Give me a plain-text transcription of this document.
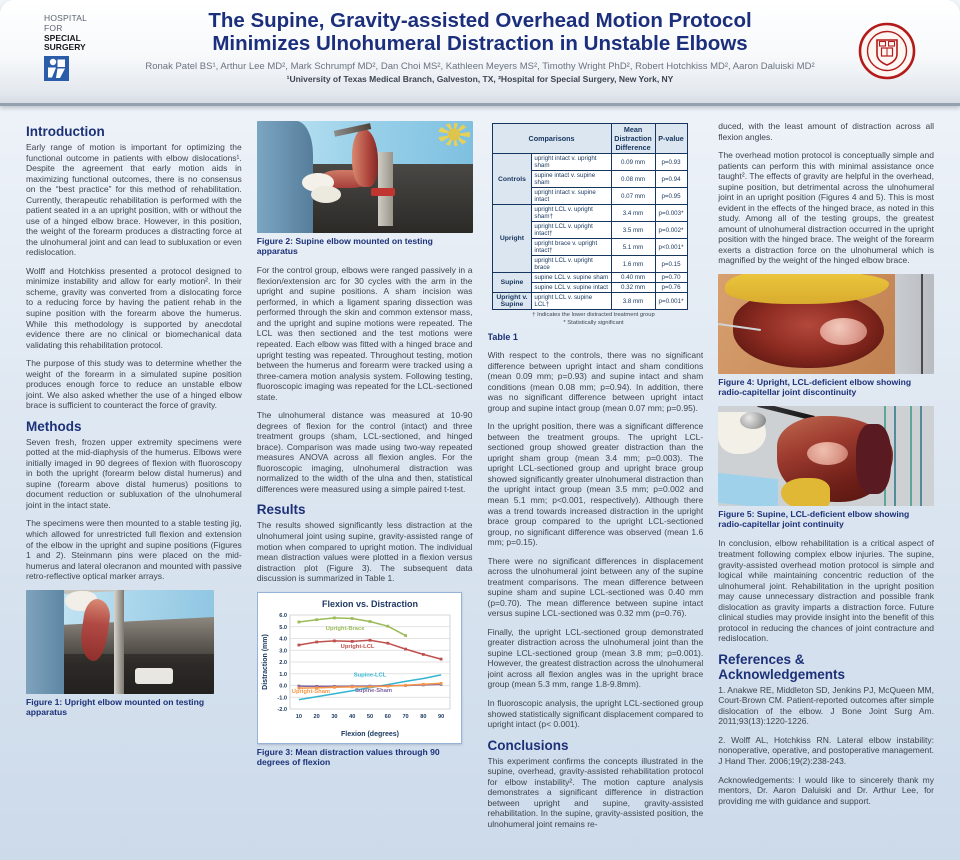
HOSPITAL
FOR
SPECIAL
SURGERY
The Supine, Gravity-assisted Overhead Motion Protocol
Minimizes Ulnohumeral Distraction in Unstable Elbows
Ronak Patel BS¹, Arthur Lee MD², Mark Schrumpf MD², Dan Choi MS², Kathleen Meyers MS², Timothy Wright PhD², Robert Hotchkiss MD², Aaron Daluiski MD²
¹University of Texas Medical Branch, Galveston, TX, ²Hospital for Special Surgery, New York, NY
Introduction

Early range of motion is important for optimizing the functional outcome in patients with elbow dislocations¹. Despite the agreement that early motion aids in maximizing functional outcomes, there is no consensus on the “best practice” for this method of rehabilitation. Currently, therapeutic rehabilitation is performed with the patient seated in a an upright position, with or without the use of a hinged elbow brace. However, in this position, the weight of the forearm produces a distracting force at the ulnohumeral joint and can lead to subluxation or even redislocation.

Wolff and Hotchkiss presented a protocol designed to minimize instability and allow for early motion². In their scheme, gravity was converted from a dislocating force to a reducing force by having the patient rehab in the supine position with the forearm above the humerus. While this methodology is supported by anecdotal evidence there are no clinical or biomechanical data validating this rehabilitation protocol.

The purpose of this study was to determine whether the weight of the forearm in a simulated supine position produces enough force to reduce an unstable elbow joint. We also asked whether the use of a hinged elbow brace is sufficient to counteract the force of gravity.

Methods

Seven fresh, frozen upper extremity specimens were potted at the mid-diaphysis of the humerus. Elbows were initially imaged in 90 degrees of flexion with fluoroscopy in both the upright (forearm below distal humerus) and supine (forearm above distal humerus) positions to document reduction or subluxation of the ulnohumeral joint in the intact state.

The specimens were then mounted to a stable testing jig, which allowed for unrestricted full flexion and extension of the elbow in the upright and supine positions (Figures 1 and 2). Steinmann pins were placed on the mid-humerus and lateral olecranon and mounted with passive retro-reflective optical marker arrays.

Figure 1: Upright elbow mounted on testing apparatus
Figure 2: Supine elbow mounted on testing apparatus

For the control group, elbows were ranged passively in a flexion/extension arc for 30 cycles with the arm in the upright and supine positions. A sham incision was performed, in which a ligament sparing dissection was performed through the skin and common extensor mass, and the upright and supine motions were repeated. The LCL was then sectioned and the test motions were repeated. Each elbow was fitted with a hinged brace and upright testing was repeated. Throughout testing, motion between the humerus and forearm were tracked using a three-camera motion analysis system. Following testing, fluoroscopic imaging was repeated for the LCL-sectioned state.

The ulnohumeral distance was measured at 10-90 degrees of flexion for the control (intact) and three treatment groups (sham, LCL-sectioned, and hinged brace). Comparison was made using two-way repeated measures ANOVA across all flexion angles. For the fluoroscopic imaging, ulnohumeral distraction was normalized to the width of the ulna and then, statistical differences were measured using a simple paired t-test.

Results

The results showed significantly less distraction at the ulnohumeral joint using supine, gravity-assisted range of motion when compared to upright motion. The individual mean distraction values were plotted in a flexion versus distraction plot (Figure 3). The subsequent data discussion is summarized in Table 1.

Flexion vs. Distraction
-2.0
-1.0
0.0
1.0
2.0
3.0
4.0
5.0
6.0
10 20 30 40 50 60 70 80 90
Flexion (degrees)
Distraction (mm)
Upright-Brace
Upright-LCL
Supine-LCL
Supine-Sham
Upright-Sham
Figure 3: Mean distraction values through 90 degrees of flexion
Comparisons		Mean Distraction Difference	P-value
Controls	upright intact v. upright sham	0.09 mm	p=0.93
	supine intact v. supine sham	0.08 mm	p=0.94
	upright intact v. supine intact	0.07 mm	p=0.95
Upright	upright LCL v. upright sham†	3.4 mm	p=0.003*
	upright LCL v. upright intact†	3.5 mm	p=0.002*
	upright brace v. upright intact†	5.1 mm	p<0.001*
	upright LCL v. upright brace	1.6 mm	p=0.15
Supine	supine LCL v. supine sham	0.40 mm	p=0.70
	supine LCL v. supine intact	0.32 mm	p=0.76
Upright v. Supine	upright LCL v. supine LCL†	3.8 mm	p=0.001*
† Indicates the lower distracted treatment group
* Statistically significant
Table 1

With respect to the controls, there was no significant difference between upright intact and sham conditions (mean 0.09 mm; p=0.93) and supine intact and sham conditions (mean 0.08 mm; p=0.94). In addition, there was no significant difference between upright intact group and supine intact group (mean 0.07 mm; p=0.95).

In the upright position, there was a significant difference between the treatment groups. The upright LCL-sectioned group showed greater distraction than the upright sham group (mean 3.4 mm; p=0.003). The upright LCL-sectioned group and upright brace group showed significantly greater ulnohumeral distraction than the upright intact group (mean 3.5 mm; p=0.002 and mean 5.1 mm; p<0.001, respectively). Although there was a trend towards increased distraction in the upright brace group compared to the upright LCL-sectioned group, no significant difference was observed (mean 1.6 mm; p=0.15).

There were no significant differences in displacement across the ulnohumeral joint between any of the supine treatment comparisons. The mean difference between supine sham and supine LCL-sectioned was 0.40 mm (p=0.70). The mean difference between supine intact versus supine LCL-sectioned was 0.32 mm (p=0.76).

Finally, the upright LCL-sectioned group demonstrated greater distraction across the ulnohumeral joint than the supine LCL-sectioned group (mean 3.8 mm; p=0.001). However, the greatest distraction across the ulnohumeral joint across all flexion angles was in the upright brace group (mean 5.3 mm, range 1.8-9.8mm).

In fluoroscopic analysis, the upright LCL-sectioned group showed statistically significant displacement compared to upright intact (p< 0.001).

Conclusions

This experiment confirms the concepts illustrated in the supine, overhead, gravity-assisted rehabilitation protocol for elbow instability². The motion capture analysis demonstrates a significant difference in distraction between upright and supine, gravity-assisted rehabilitation. In the supine, gravity-assisted position, the ulnohumeral joint remains re-

duced, with the least amount of distraction across all flexion angles.

The overhead motion protocol is conceptually simple and patients can perform this with minimal assistance once taught². The effects of gravity are helpful in the overhead, supine position, but detrimental across the ulnohumeral joint in an upright position (Figures 4 and 5). This is most evident in the effects of the hinged brace, as noted in this study. Among all of the testing groups, the greatest amount of ulnohumeral distraction occurred in the upright position with the hinged brace. The weight of the forearm exerts a distraction force on the ulnohumeral which is magnified by the weight of the hinged elbow brace.

Figure 4: Upright, LCL-deficient elbow showing radio-capitellar joint discontinuity
Figure 5: Supine, LCL-deficient elbow showing radio-capitellar joint continuity

In conclusion, elbow rehabilitation is a critical aspect of treatment following complex elbow injuries. The supine, gravity-assisted overhead motion protocol is simple and logical while maintaining concentric reduction of the ulnohumeral joint. Rehabilitation in the upright position may cause unnecessary distraction and possible frank dislocation as gravity imparts a distraction force. Future clinical studies may provide insight into the benefit of this protocol in reducing the chances of joint contracture and redislocation.

References & Acknowledgements

1. Anakwe RE, Middleton SD, Jenkins PJ, McQueen MM, Court-Brown CM. Patient-reported outcomes after simple dislocation of the elbow. J Bone Joint Surg Am. 2011;93(13):1220-1226.

2. Wolff AL, Hotchkiss RN. Lateral elbow instability: nonoperative, operative, and postoperative management. J Hand Ther. 2006;19(2):238-243.

Acknowledgements: I would like to sincerely thank my mentors, Dr. Aaron Daluiski and Dr. Arthur Lee, for providing me with guidance and support.
